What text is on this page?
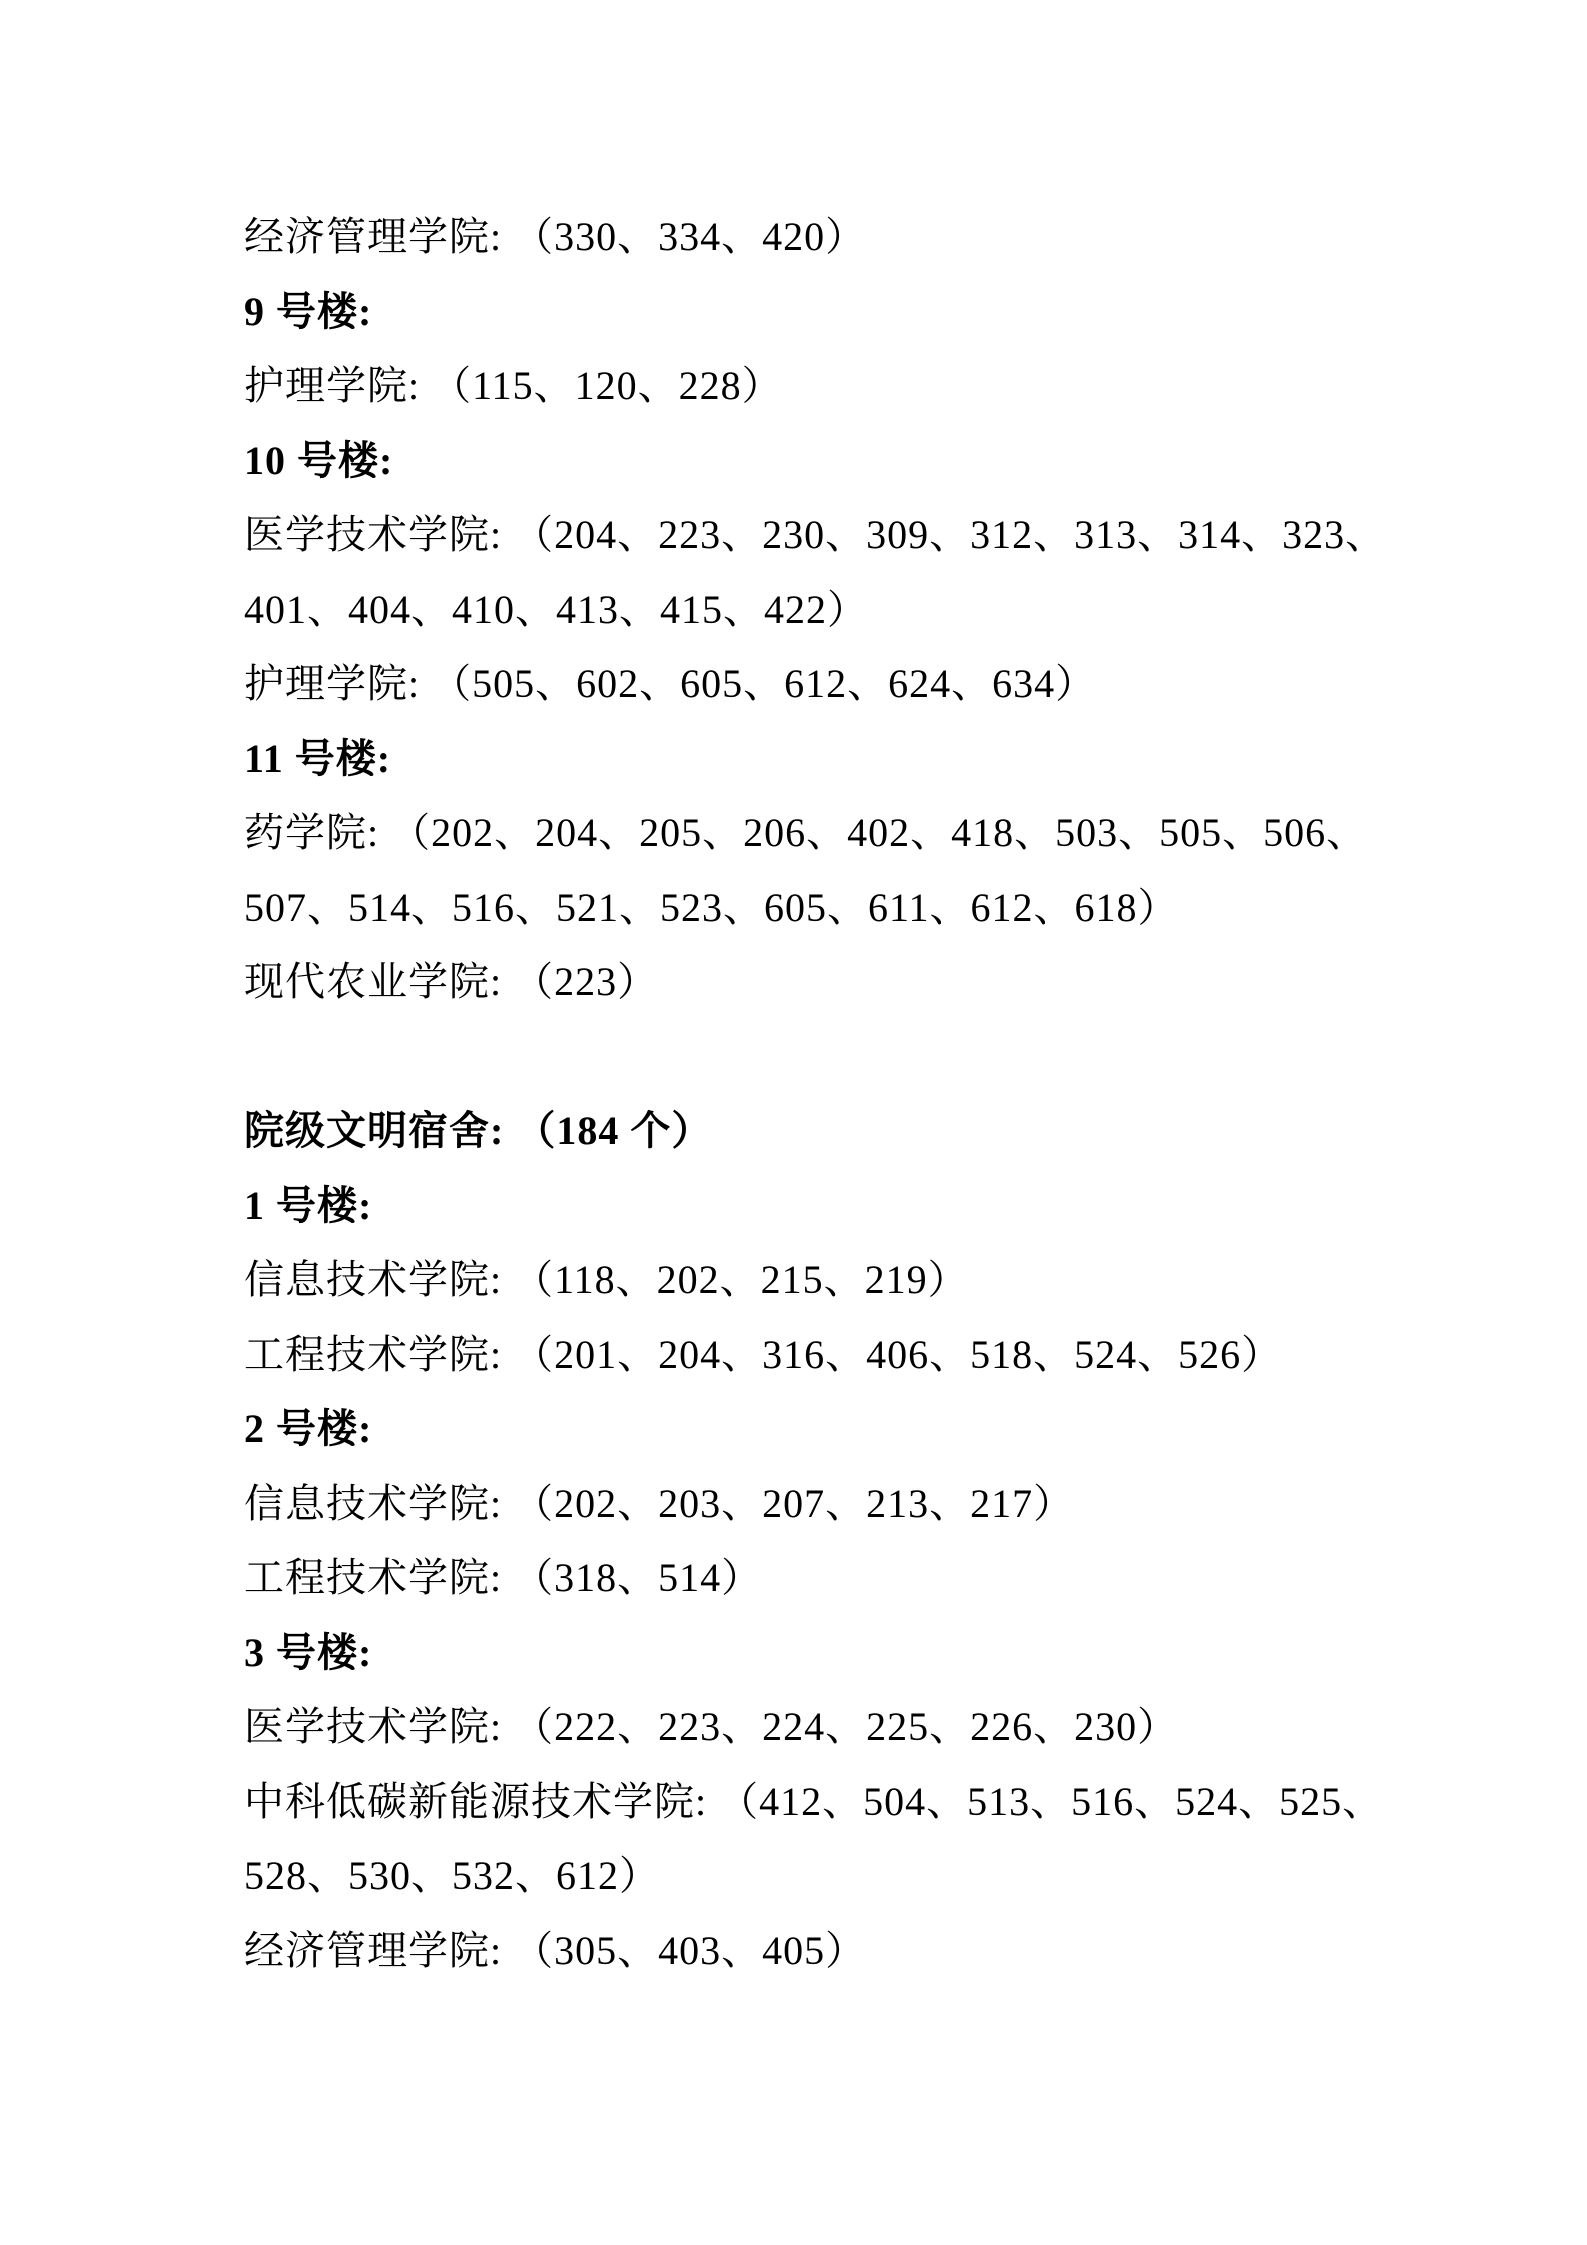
经济管理学院: （330、334、420）
9 号楼:
护理学院: （115、120、228）
10 号楼:
医学技术学院: （204、223、230、309、312、313、314、323、
401、404、410、413、415、422）
护理学院: （505、602、605、612、624、634）
11 号楼:
药学院: （202、204、205、206、402、418、503、505、506、
507、514、516、521、523、605、611、612、618）
现代农业学院: （223）
院级文明宿舍: （184 个）
1 号楼:
信息技术学院: （118、202、215、219）
工程技术学院: （201、204、316、406、518、524、526）
2 号楼:
信息技术学院: （202、203、207、213、217）
工程技术学院: （318、514）
3 号楼:
医学技术学院: （222、223、224、225、226、230）
中科低碳新能源技术学院: （412、504、513、516、524、525、
528、530、532、612）
经济管理学院: （305、403、405）
